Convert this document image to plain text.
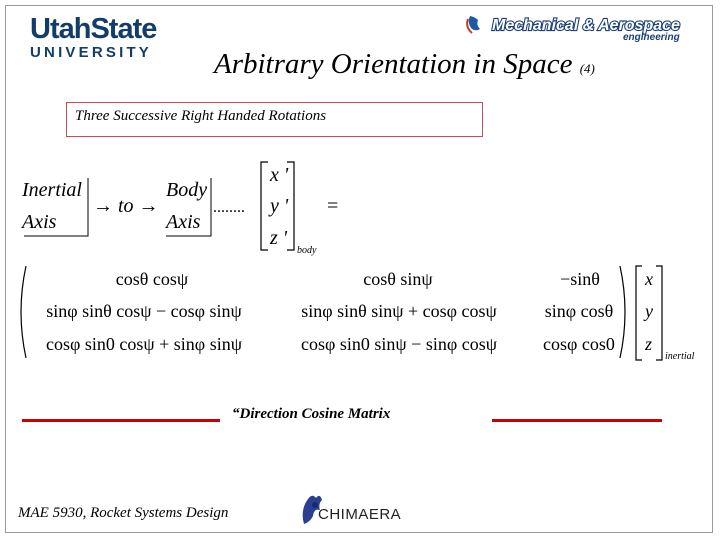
UtahState
UNIVERSITY
Mechanical & Aerospace
engineering
Arbitrary Orientation in Space (4)
Three Successive Right Handed Rotations
Inertial
Axis
→ to →
Body
Axis
........
x '
y '
z '
body
=
cosθ cosψ	cosθ sinψ	−sinθ
sinφ sinθ cosψ − cosφ sinψ	sinφ sinθ sinψ + cosφ cosψ	sinφ cosθ
cosφ sin0 cosψ + sinφ sinψ	cosφ sin0 sinψ − sinφ cosψ	cosφ cos0
x
y
z
inertial
“Direction Cosine Matrix
MAE 5930, Rocket Systems Design	CHIMAERA
